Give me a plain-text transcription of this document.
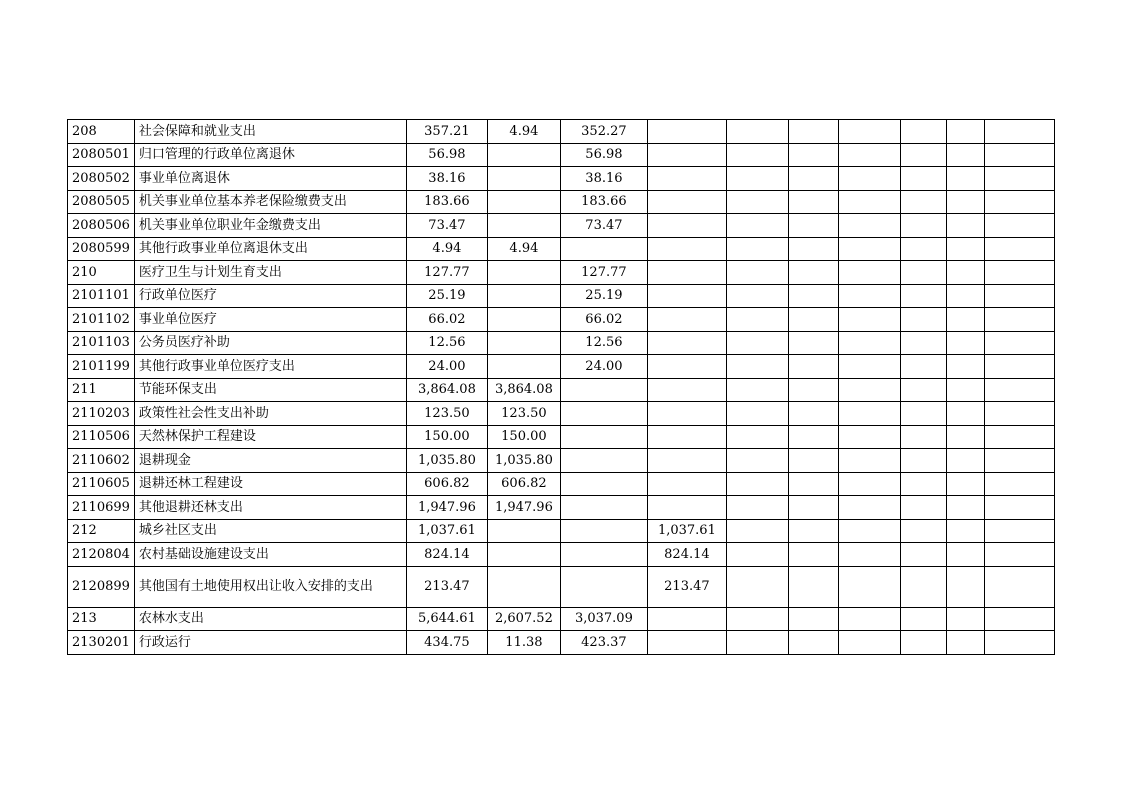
208	社会保障和就业支出	357.21	4.94	352.27							
2080501	归口管理的行政单位离退休	56.98		56.98							
2080502	事业单位离退休	38.16		38.16							
2080505	机关事业单位基本养老保险缴费支出	183.66		183.66							
2080506	机关事业单位职业年金缴费支出	73.47		73.47							
2080599	其他行政事业单位离退休支出	4.94	4.94								
210	医疗卫生与计划生育支出	127.77		127.77							
2101101	行政单位医疗	25.19		25.19							
2101102	事业单位医疗	66.02		66.02							
2101103	公务员医疗补助	12.56		12.56							
2101199	其他行政事业单位医疗支出	24.00		24.00							
211	节能环保支出	3,864.08	3,864.08								
2110203	政策性社会性支出补助	123.50	123.50								
2110506	天然林保护工程建设	150.00	150.00								
2110602	退耕现金	1,035.80	1,035.80								
2110605	退耕还林工程建设	606.82	606.82								
2110699	其他退耕还林支出	1,947.96	1,947.96								
212	城乡社区支出	1,037.61			1,037.61						
2120804	农村基础设施建设支出	824.14			824.14						
2120899	其他国有土地使用权出让收入安排的支出	213.47			213.47						
213	农林水支出	5,644.61	2,607.52	3,037.09							
2130201	行政运行	434.75	11.38	423.37							
